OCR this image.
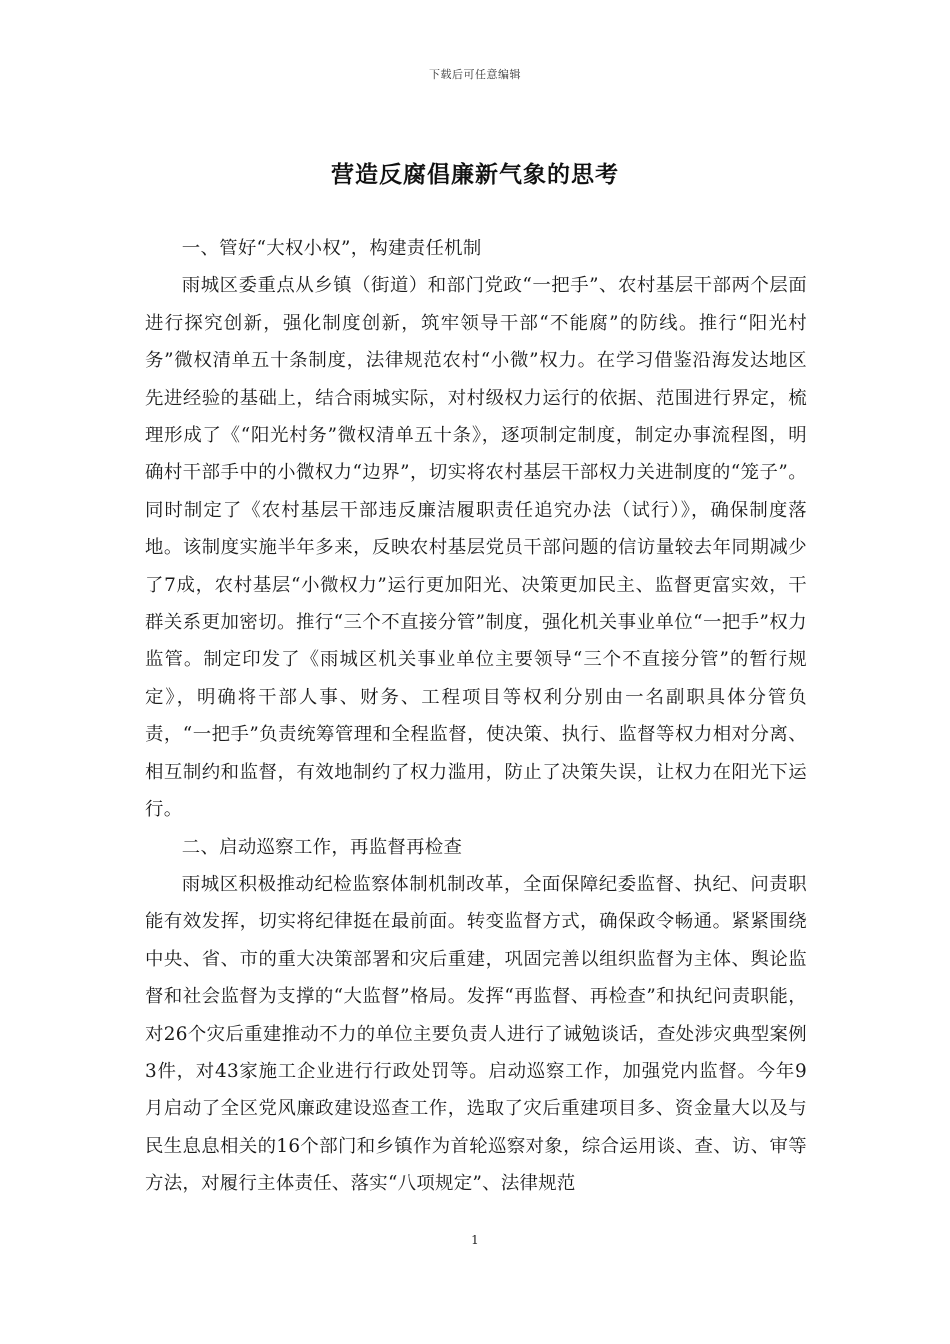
下载后可任意编辑
营造反腐倡廉新气象的思考

一、管好“大权小权”，构建责任机制

雨城区委重点从乡镇（街道）和部门党政“一把手”、农村基层干部两个层面进行探究创新，强化制度创新，筑牢领导干部“不能腐”的防线。推行“阳光村务”微权清单五十条制度，法律规范农村“小微”权力。在学习借鉴沿海发达地区先进经验的基础上，结合雨城实际，对村级权力运行的依据、范围进行界定，梳理形成了《“阳光村务”微权清单五十条》，逐项制定制度，制定办事流程图，明确村干部手中的小微权力“边界”，切实将农村基层干部权力关进制度的“笼子”。同时制定了《农村基层干部违反廉洁履职责任追究办法（试行）》，确保制度落地。该制度实施半年多来，反映农村基层党员干部问题的信访量较去年同期减少了7成，农村基层“小微权力”运行更加阳光、决策更加民主、监督更富实效，干群关系更加密切。推行“三个不直接分管”制度，强化机关事业单位“一把手”权力监管。制定印发了《雨城区机关事业单位主要领导“三个不直接分管”的暂行规定》，明确将干部人事、财务、工程项目等权利分别由一名副职具体分管负责，“一把手”负责统筹管理和全程监督，使决策、执行、监督等权力相对分离、相互制约和监督，有效地制约了权力滥用，防止了决策失误，让权力在阳光下运行。

二、启动巡察工作，再监督再检查

雨城区积极推动纪检监察体制机制改革，全面保障纪委监督、执纪、问责职能有效发挥，切实将纪律挺在最前面。转变监督方式，确保政令畅通。紧紧围绕中央、省、市的重大决策部署和灾后重建，巩固完善以组织监督为主体、舆论监督和社会监督为支撑的“大监督”格局。发挥“再监督、再检查”和执纪问责职能，对26个灾后重建推动不力的单位主要负责人进行了诫勉谈话，查处涉灾典型案例3件，对43家施工企业进行行政处罚等。启动巡察工作，加强党内监督。今年9月启动了全区党风廉政建设巡查工作，选取了灾后重建项目多、资金量大以及与民生息息相关的16个部门和乡镇作为首轮巡察对象，综合运用谈、查、访、审等方法，对履行主体责任、落实“八项规定”、法律规范

1
